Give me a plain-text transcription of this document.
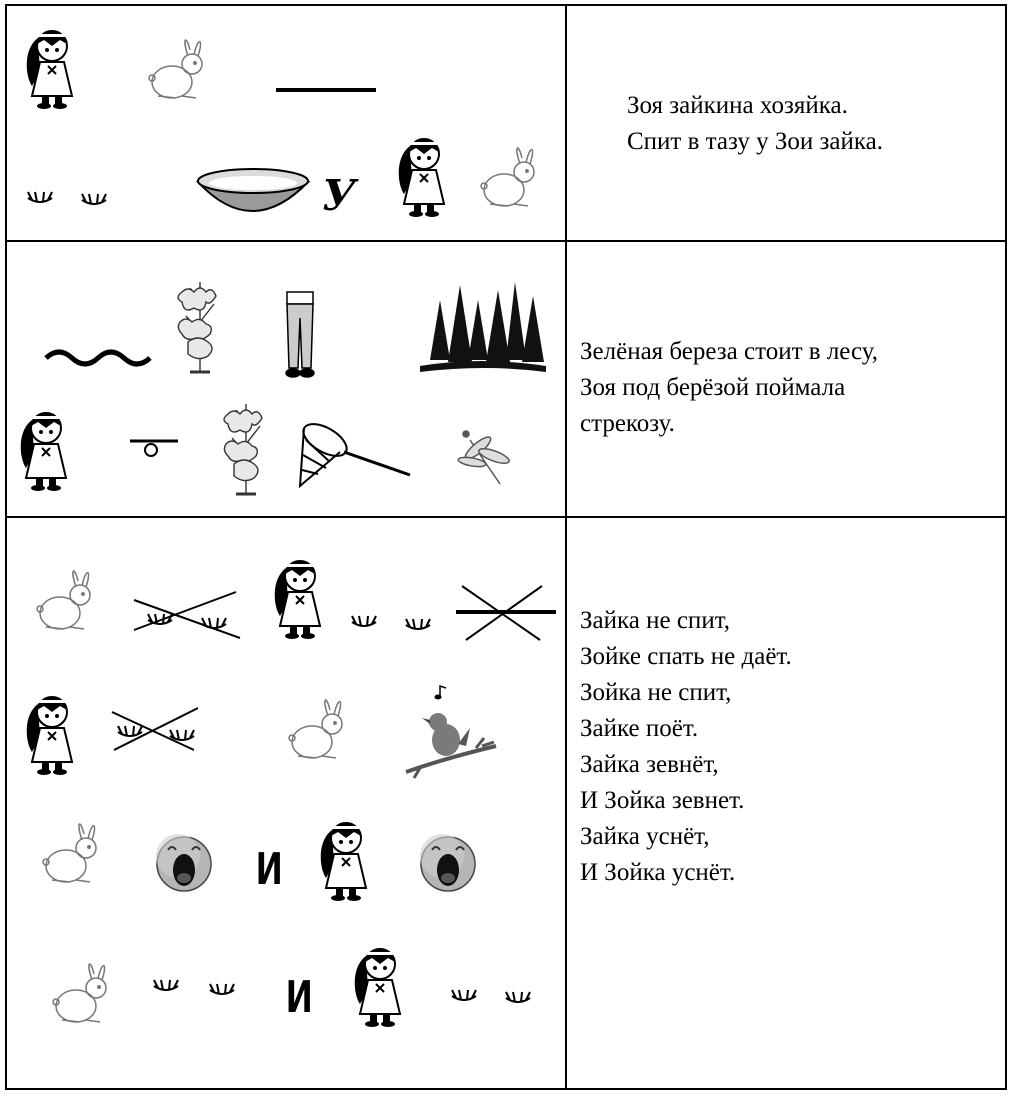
У
И
И
Зоя зайкина хозяйка.
Спит в тазу у Зои зайка.
Зелёная береза стоит в лесу,
Зоя под берёзой поймала
стрекозу.
Зайка не спит,
Зойке спать не даёт.
Зойка не спит,
Зайке поёт.
Зайка зевнёт,
И Зойка зевнет.
Зайка уснёт,
И Зойка уснёт.
